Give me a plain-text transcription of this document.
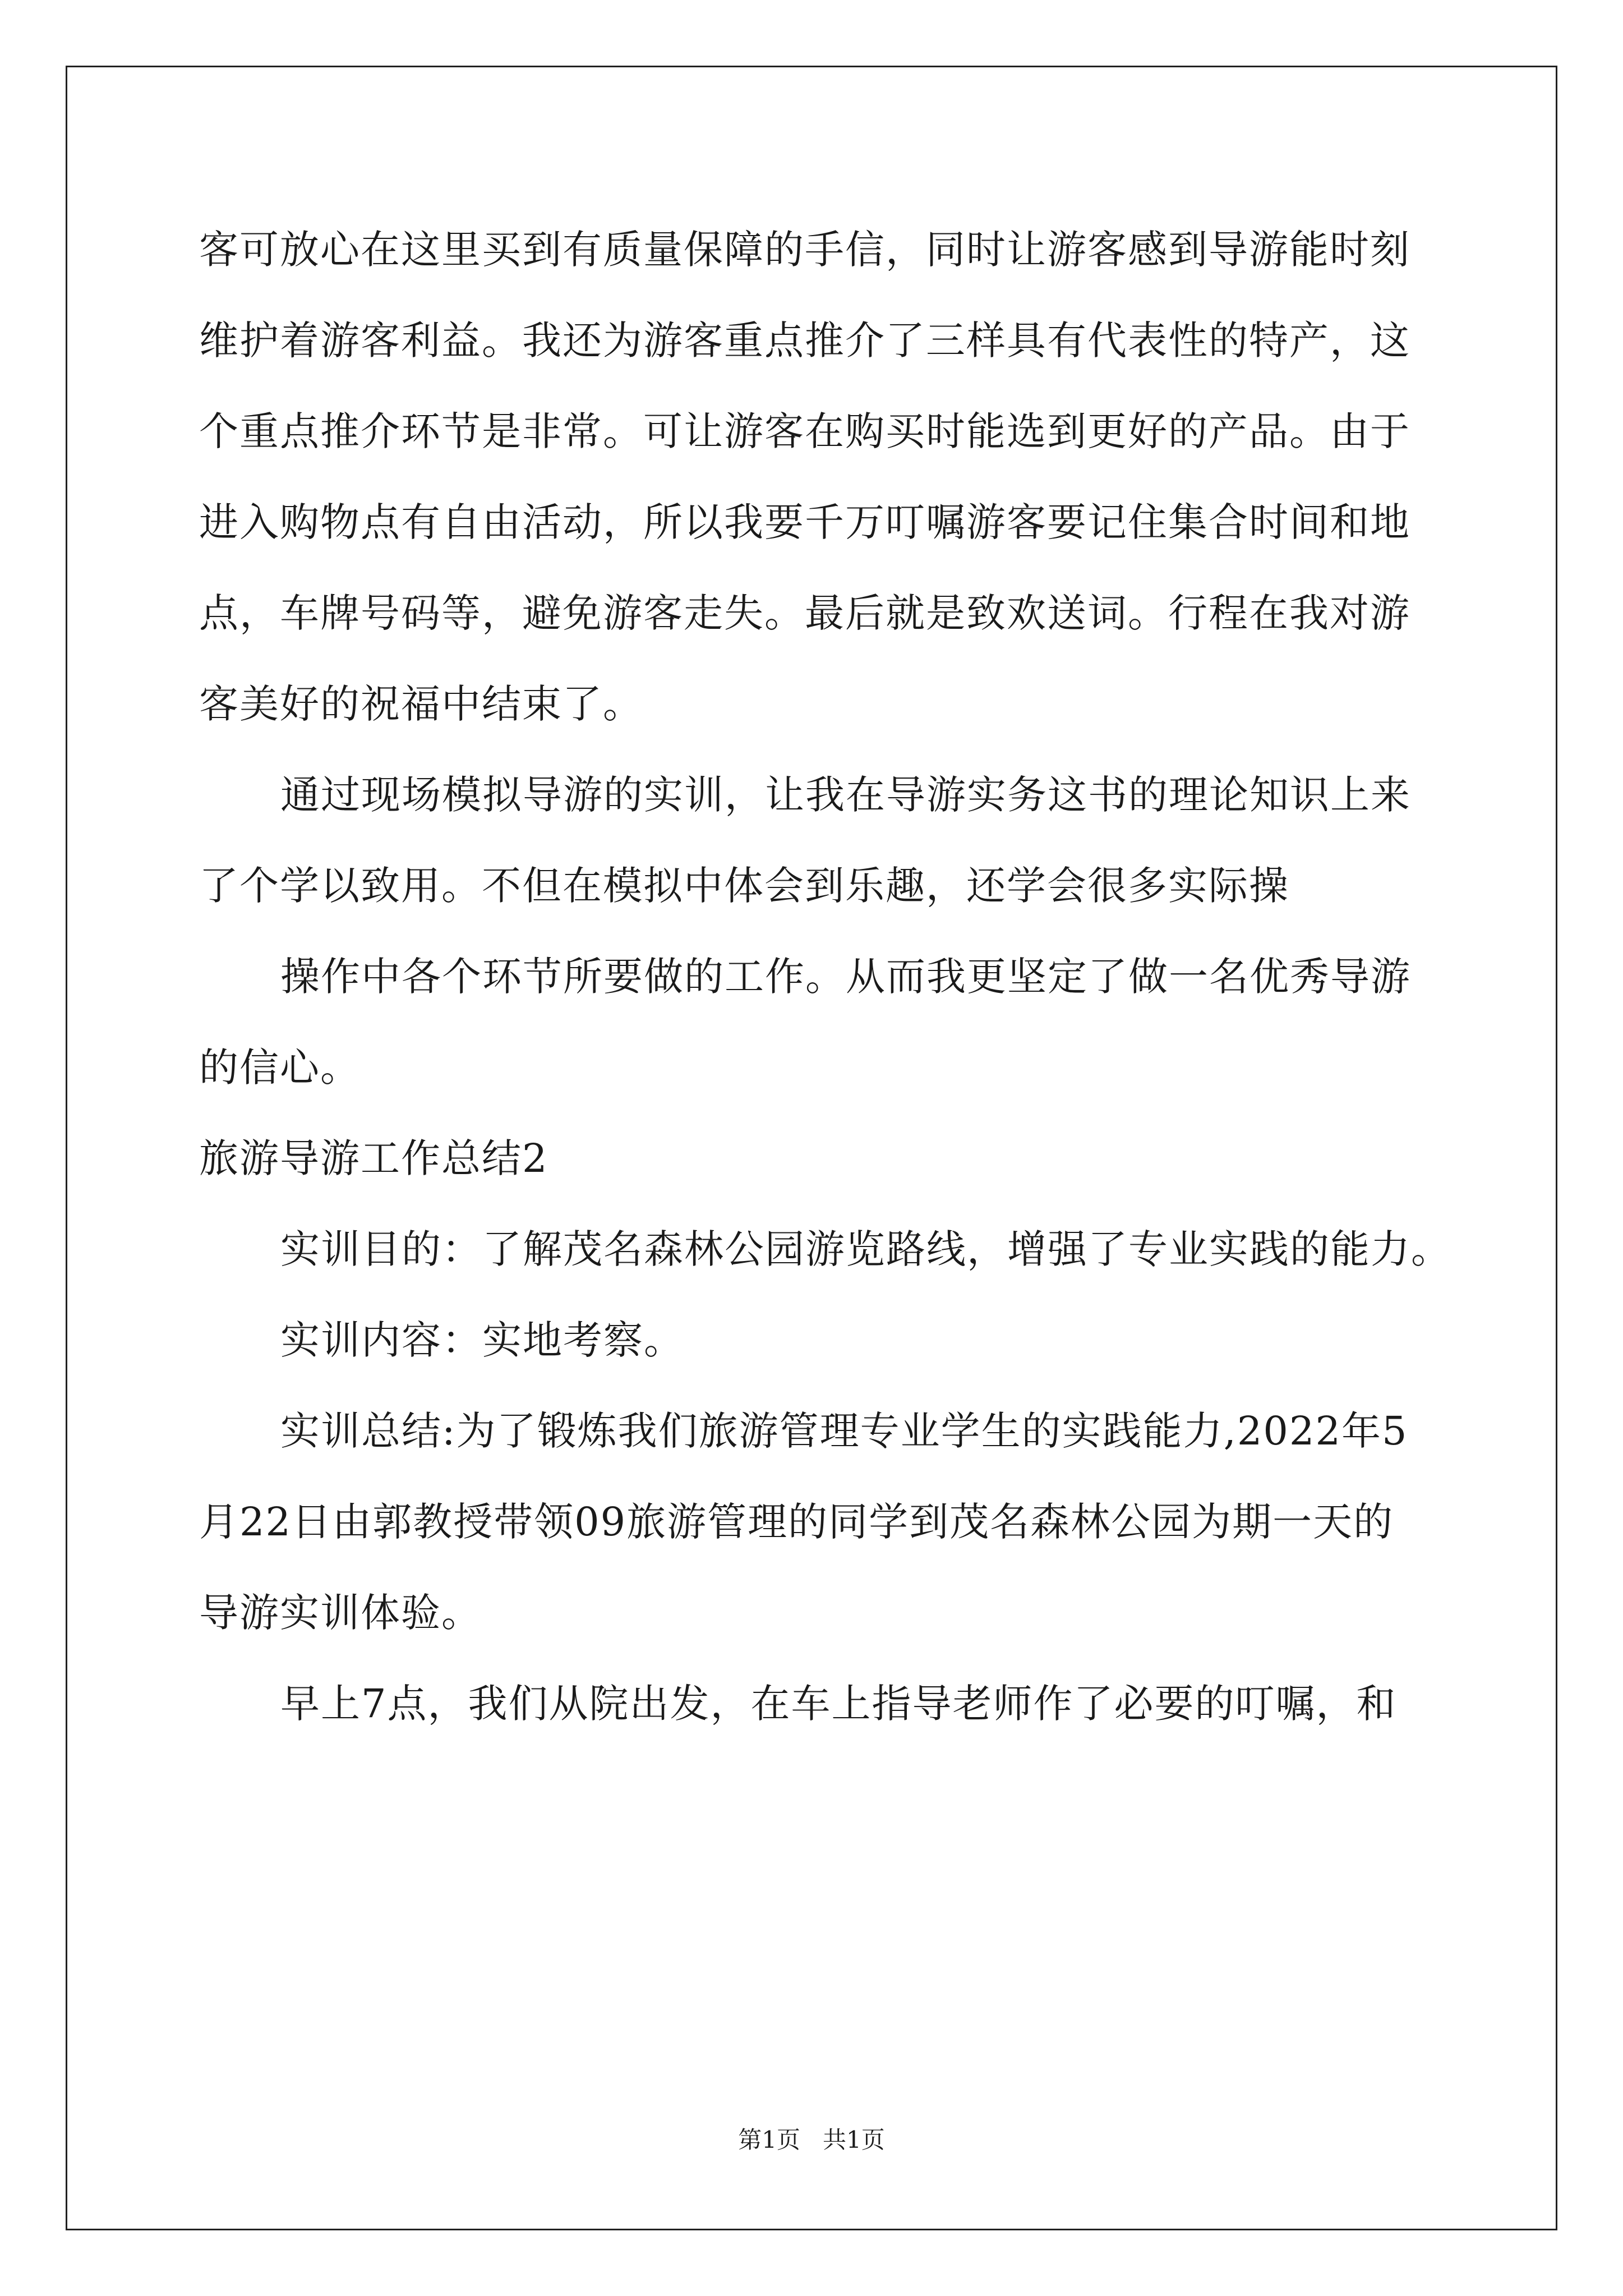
客可放心在这里买到有质量保障的手信，同时让游客感到导游能时刻
维护着游客利益。我还为游客重点推介了三样具有代表性的特产，这
个重点推介环节是非常。可让游客在购买时能选到更好的产品。由于
进入购物点有自由活动，所以我要千万叮嘱游客要记住集合时间和地
点，车牌号码等，避免游客走失。最后就是致欢送词。行程在我对游
客美好的祝福中结束了。
通过现场模拟导游的实训，让我在导游实务这书的理论知识上来
了个学以致用。不但在模拟中体会到乐趣，还学会很多实际操
操作中各个环节所要做的工作。从而我更坚定了做一名优秀导游
的信心。
旅游导游工作总结2
实训目的：了解茂名森林公园游览路线，增强了专业实践的能力。
实训内容：实地考察。
实训总结:为了锻炼我们旅游管理专业学生的实践能力,2022年5
月22日由郭教授带领09旅游管理的同学到茂名森林公园为期一天的
导游实训体验。
早上7点，我们从院出发，在车上指导老师作了必要的叮嘱，和
第1页 共1页
